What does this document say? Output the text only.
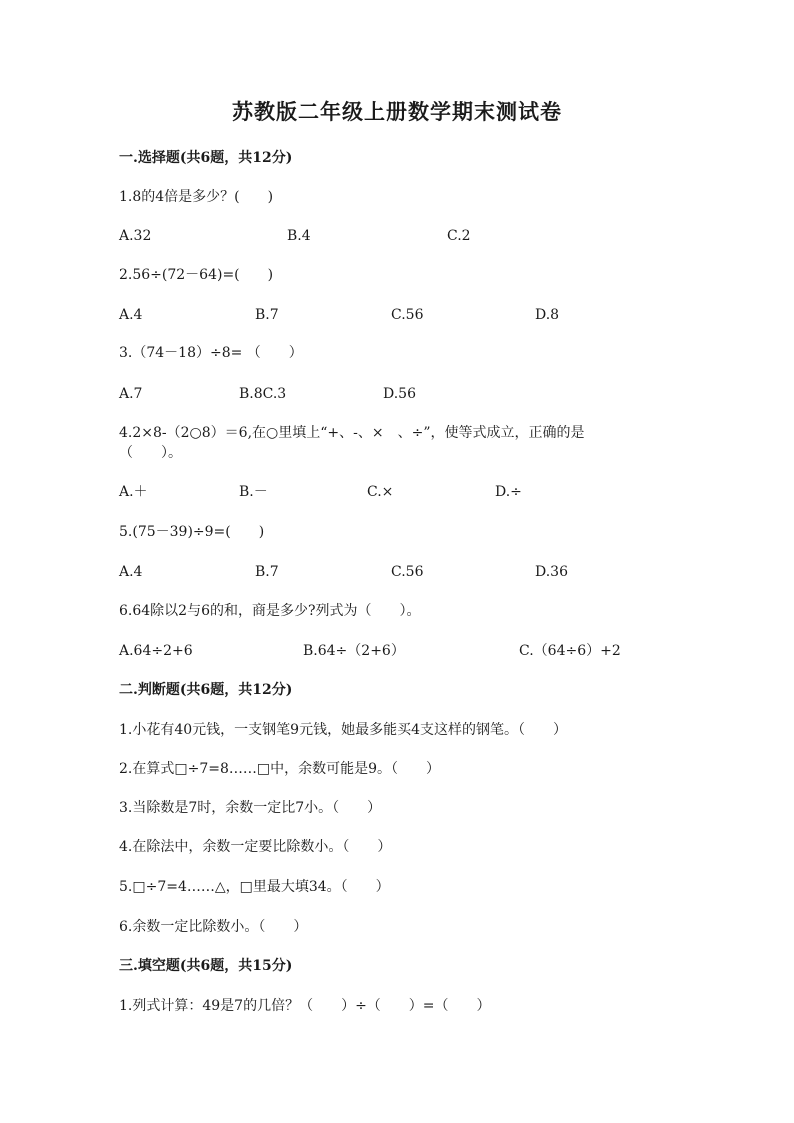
苏教版二年级上册数学期末测试卷
一.选择题(共6题，共12分)
1.8的4倍是多少？(　　)
A.32	B.4	C.2
2.56÷(72－64)=(　　)
A.4	B.7	C.56	D.8
3.（74－18）÷8= （　　）
A.7	B.8C.3	D.56
4.2×8-（2○8）＝6,在○里填上“+、-、×　、÷”，使等式成立，正确的是
（　　）。
A.＋	B.－	C.×	D.÷
5.(75－39)÷9=(　　)
A.4	B.7	C.56	D.36
6.64除以2与6的和，商是多少?列式为（　　）。
A.64÷2+6	B.64÷（2+6）	C.（64÷6）+2
二.判断题(共6题，共12分)
1.小花有40元钱，一支钢笔9元钱，她最多能买4支这样的钢笔。（　　）
2.在算式□÷7=8……□中，余数可能是9。（　　）
3.当除数是7时，余数一定比7小。（　　）
4.在除法中，余数一定要比除数小。（　　）
5.□÷7=4……△，□里最大填34。（　　）
6.余数一定比除数小。（　　）
三.填空题(共6题，共15分)
1.列式计算：49是7的几倍？（　　）÷（　　）=（　　）
